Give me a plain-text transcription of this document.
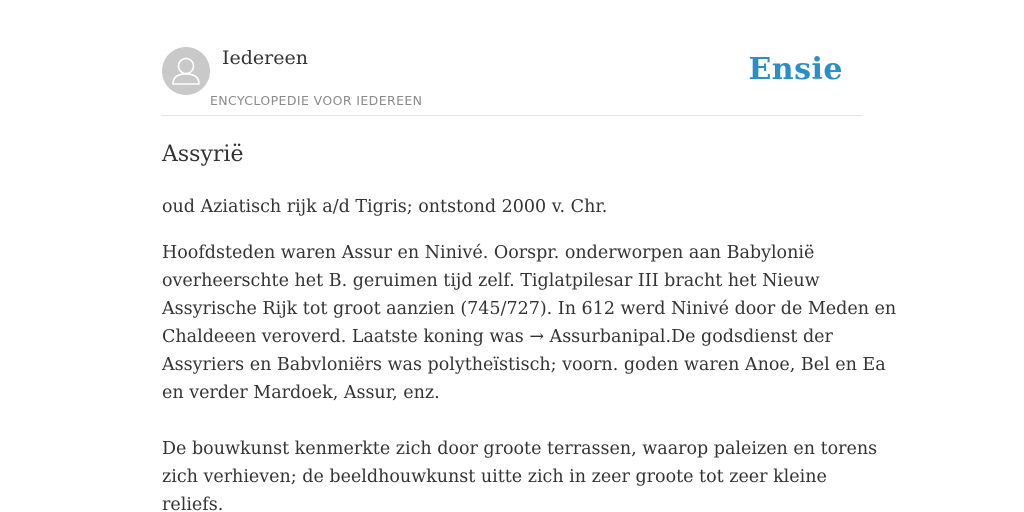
Iedereen
ENCYCLOPEDIE VOOR IEDEREEN
Ensie
Assyrië

oud Aziatisch rijk a/d Tigris; ontstond 2000 v. Chr.

Hoofdsteden waren Assur en Ninivé. Oorspr. onderworpen aan Babylonië
overheerschte het B. geruimen tijd zelf. Tiglatpilesar III bracht het Nieuw
Assyrische Rijk tot groot aanzien (745/727). In 612 werd Ninivé door de Meden en
Chaldeeen veroverd. Laatste koning was → Assurbanipal.De godsdienst der
Assyriers en Babvloniërs was polytheïstisch; voorn. goden waren Anoe, Bel en Ea
en verder Mardoek, Assur, enz.
De bouwkunst kenmerkte zich door groote terrassen, waarop paleizen en torens
zich verhieven; de beeldhouwkunst uitte zich in zeer groote tot zeer kleine
reliefs.
